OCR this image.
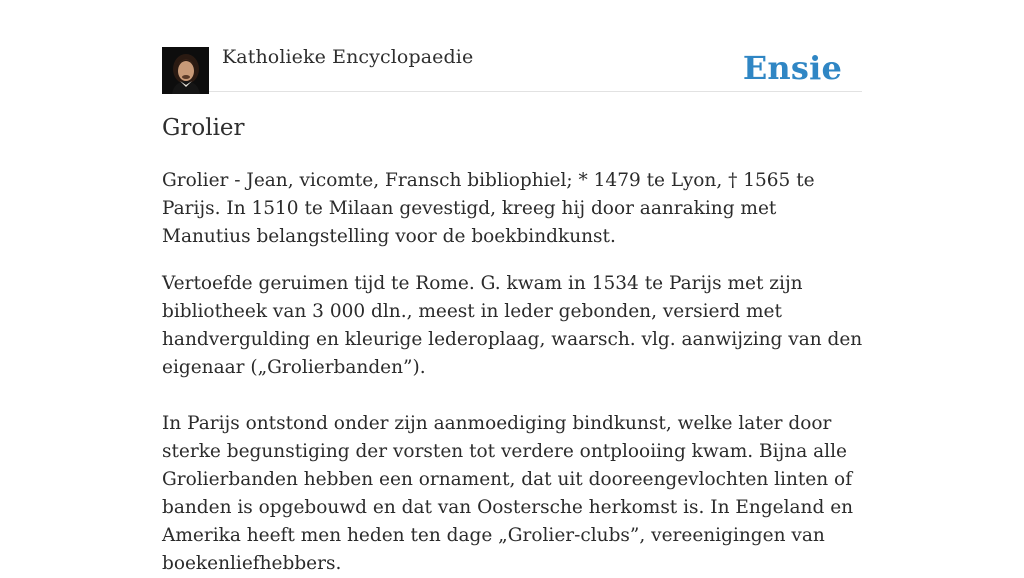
Katholieke Encyclopaedie	Ensie
Grolier

Grolier - Jean, vicomte, Fransch bibliophiel; * 1479 te Lyon, † 1565 te Parijs. In 1510 te Milaan gevestigd, kreeg hij door aanraking met Manutius belangstelling voor de boekbindkunst.

Vertoefde geruimen tijd te Rome. G. kwam in 1534 te Parijs met zijn bibliotheek van 3 000 dln., meest in leder gebonden, versierd met handvergulding en kleurige lederoplaag, waarsch. vlg. aanwijzing van den eigenaar („Grolierbanden”).

In Parijs ontstond onder zijn aanmoediging bindkunst, welke later door sterke begunstiging der vorsten tot verdere ontplooiing kwam. Bijna alle Grolierbanden hebben een ornament, dat uit dooreengevlochten linten of banden is opgebouwd en dat van Oostersche herkomst is. In Engeland en Amerika heeft men heden ten dage „Grolier-clubs”, vereenigingen van boekenliefhebbers.
